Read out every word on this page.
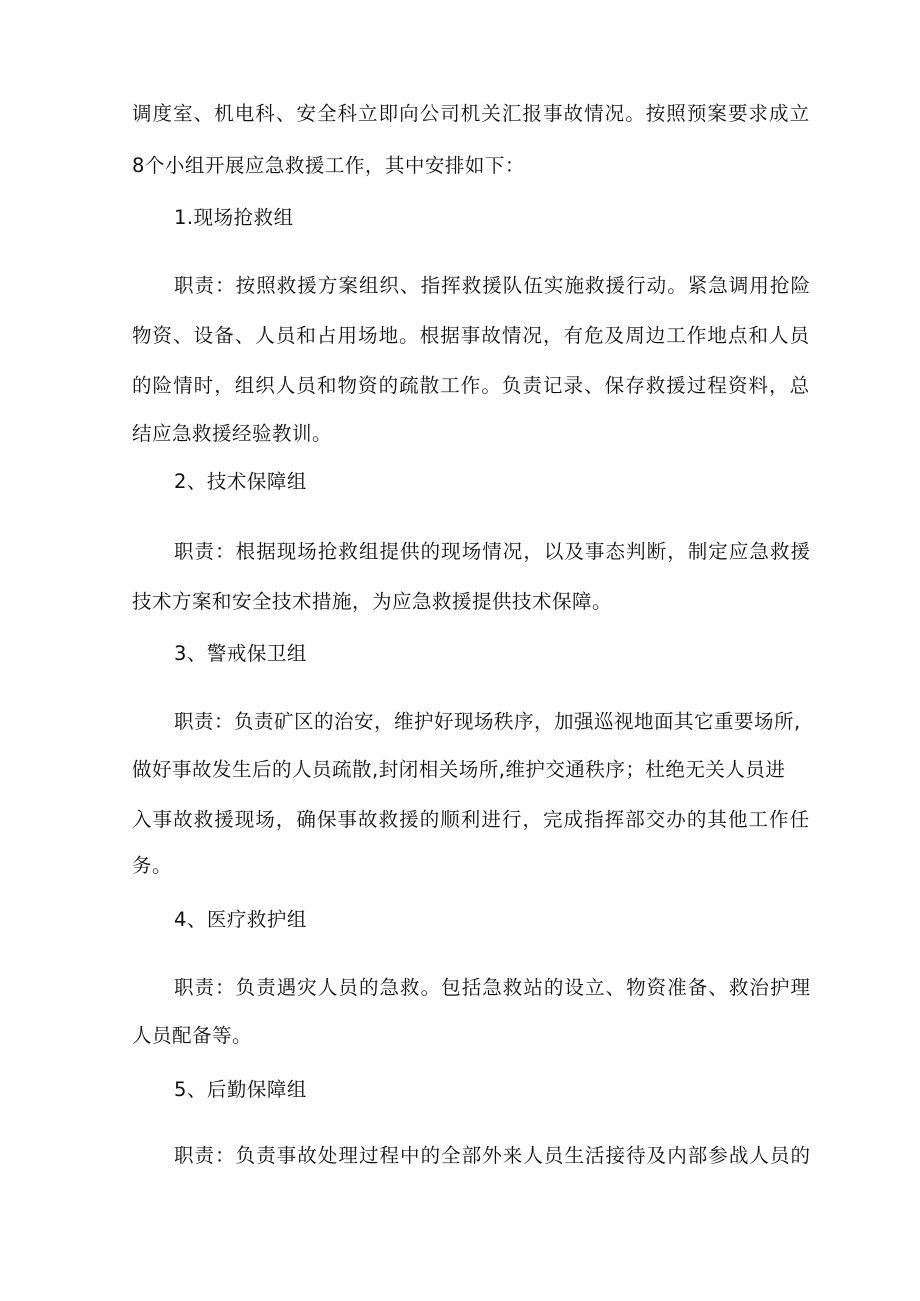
调度室、机电科、安全科立即向公司机关汇报事故情况。按照预案要求成立
8个小组开展应急救援工作，其中安排如下：
1.现场抢救组
职责：按照救援方案组织、指挥救援队伍实施救援行动。紧急调用抢险
物资、设备、人员和占用场地。根据事故情况，有危及周边工作地点和人员
的险情时，组织人员和物资的疏散工作。负责记录、保存救援过程资料，总
结应急救援经验教训。
2、技术保障组
职责：根据现场抢救组提供的现场情况，以及事态判断，制定应急救援
技术方案和安全技术措施，为应急救援提供技术保障。
3、警戒保卫组
职责：负责矿区的治安，维护好现场秩序，加强巡视地面其它重要场所,
做好事故发生后的人员疏散,封闭相关场所,维护交通秩序；杜绝无关人员进
入事故救援现场，确保事故救援的顺利进行，完成指挥部交办的其他工作任
务。
4、医疗救护组
职责：负责遇灾人员的急救。包括急救站的设立、物资准备、救治护理
人员配备等。
5、后勤保障组
职责：负责事故处理过程中的全部外来人员生活接待及内部参战人员的
